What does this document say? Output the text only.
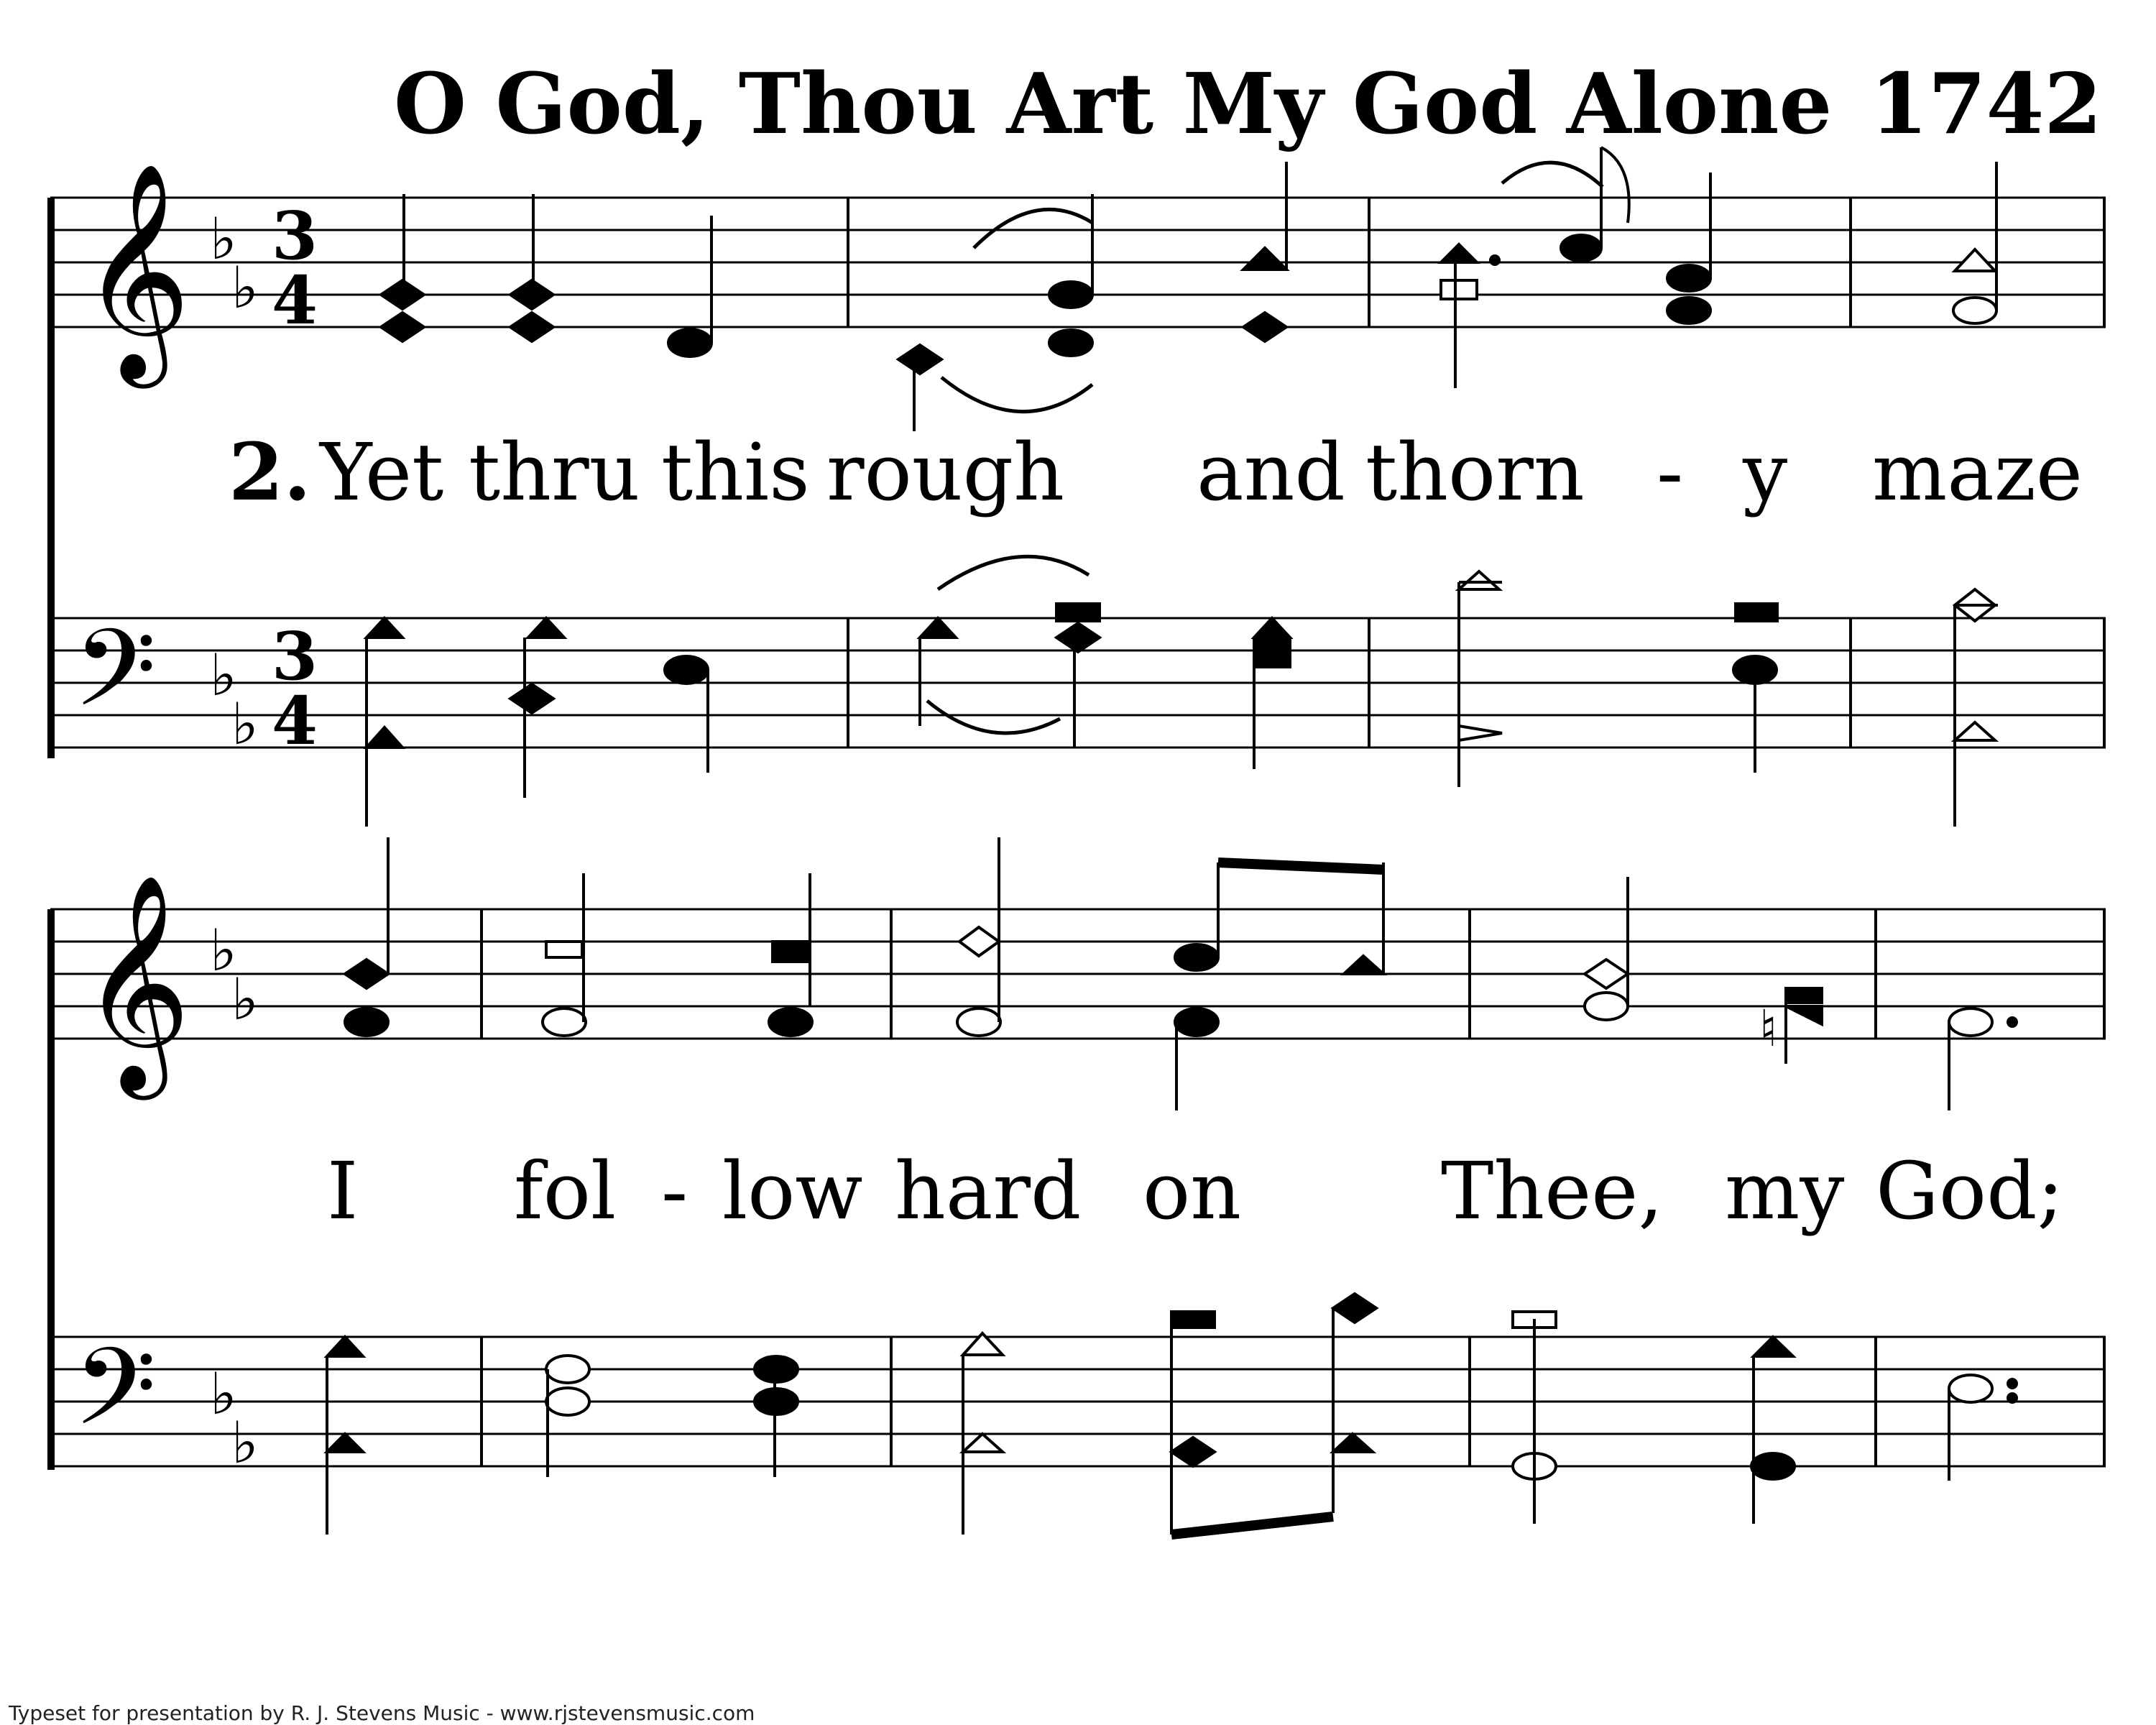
O God, Thou Art My God Alone 1742
𝄞
𝄢
♭
♭
♭
♭
3
4
3
4
2. Yet thru this rough and thorn - y maze
𝄞
𝄢
♭
♭
♭
♭
♮
I fol - low hard on	Thee, my God;
Typeset for presentation by R. J. Stevens Music - www.rjstevensmusic.com
